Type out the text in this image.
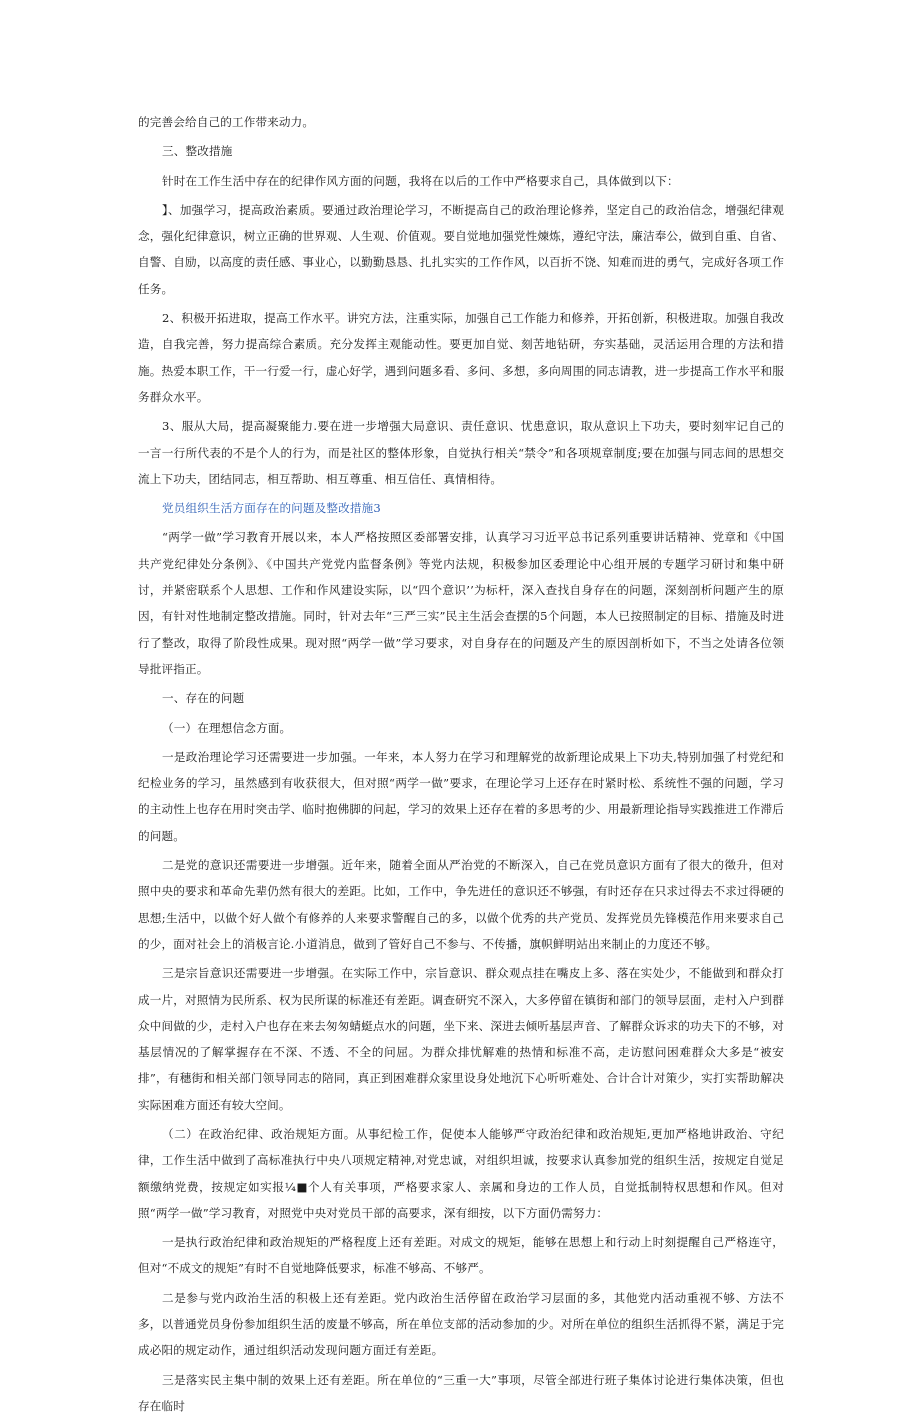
的完善会给自己的工作带来动力。

三、整改措施

针时在工作生活中存在的纪律作风方面的问题，我将在以后的工作中严格要求自己，具体做到以下：

】、加强学习，提高政治素质。要通过政治理论学习，不断提高自己的政治理论修养，坚定自己的政治信念，增强纪律观念，强化纪律意识，树立正确的世界观、人生观、价值观。要自觉地加强党性煉炼，遵纪守法，廉洁奉公，做到自重、自省、自警、自励，以高度的责任感、事业心，以勤勤恳恳、扎扎实实的工作作风，以百折不饶、知难而进的勇气，完成好各项工作任务。

2、积极开拓进取，提高工作水平。讲究方法，注重实际，加强自己工作能力和修养，开拓创新，积极进取。加强自我改造，自我完善，努力提高综合素质。充分发挥主观能动性。要更加自觉、刻苦地钻研，夯实基础，灵活运用合理的方法和措施。热爱本职工作，干一行爱一行，虚心好学，遇到问题多看、多问、多想，多向周围的同志请教，进一步提高工作水平和服务群众水平。

3、服从大局，提高凝聚能力.要在进一步增强大局意识、责任意识、忧患意识，取从意识上下功夫，要时刻牢记自己的一言一行所代表的不是个人的行为，而是社区的整体形象，自觉执行相关“禁令”和各项规章制度;要在加强与同志间的思想交流上下功夫，团结同志，相互帮助、相互尊重、相互信任、真情相待。

党员组织生活方面存在的问题及整改措施3

“两学一做”学习教育开展以来，本人严格按照区委部署安排，认真学习习近平总书记系列重要讲话精神、党章和《中国共产党纪律处分条例》、《中国共产党党内监督条例》等党内法规，积极参加区委理论中心组开展的专题学习研讨和集中研讨，并紧密联系个人思想、工作和作风建设实际，以“四个意识’’为标杆，深入查找自身存在的问题，深刻剖析问题产生的原因，有针对性地制定整改措施。同时，针对去年“三严三实”民主生活会查摆的5个问题，本人已按照制定的目标、措施及时进行了整改，取得了阶段性成果。现对照“两学一做”学习要求，对自身存在的问题及产生的原因剖析如下，不当之处请各位领导批评指正。

一、存在的问题

（一）在理想信念方面。

一是政治理论学习还需要进一步加强。一年来，本人努力在学习和理解党的故新理论成果上下功夫,特别加强了村党纪和纪检业务的学习，虽然感到有收获很大，但对照“两学一做”要求，在理论学习上还存在时紧时松、系统性不强的问题，学习的主动性上也存在用时突击学、临时抱佛脚的问起，学习的效果上还存在着的多思考的少、用最新理论指导实践推进工作滞后的问题。

二是党的意识还需要进一步增强。近年来，随着全面从严治党的不断深入，自己在党员意识方面有了很大的徵升，但对照中央的要求和革命先辈仍然有很大的差距。比如，工作中，争先进任的意识还不够强，有时还存在只求过得去不求过得硬的思想;生活中，以做个好人做个有修养的人来要求警醒自己的多，以做个优秀的共产党员、发挥党员先锋模范作用来要求自己的少，面对社会上的消极言论.小道消息，做到了管好自己不参与、不传播，旗帜鲜明站出来制止的力度还不够。

三是宗旨意识还需要进一步增强。在实际工作中，宗旨意识、群众观点挂在嘴皮上多、落在实处少，不能做到和群众打成一片，对照情为民所系、权为民所谋的标准还有差距。调查研究不深入，大多停留在镇街和部门的领导层面，走村入户到群众中间做的少，走村入户也存在来去匆匆蜻蜓点水的问题，坐下来、深进去倾听基层声音、了解群众诉求的功夫下的不够，对基层情况的了解掌握存在不深、不透、不全的问屈。为群众排忧解难的热情和标准不高，走访慰问困难群众大多是“被安排”，有穗街和相关部门领导同志的陪同，真正到困难群众家里设身处地沉下心听听难处、合计合计对策少，实打实帮助解决实际困难方面还有较大空间。

（二）在政治纪律、政治规矩方面。从事纪检工作，促使本人能够严守政治纪律和政治规矩,更加严格地讲政治、守纪律，工作生活中做到了高标准执行中央八项规定精神,对党忠诚，对组织坦诚，按要求认真参加党的组织生活，按规定自觉足额缴纳党费，按规定如实报¼■个人有关事项，严格要求家人、亲属和身边的工作人员，自觉抵制特权思想和作风。但对照“两学一做”学习教育，对照党中央对党员干部的高要求，深有细按，以下方面仍需努力：

一是执行政治纪律和政治规矩的严格程度上还有差距。对成文的规矩，能够在思想上和行动上时刻提醒自己严格连守，但对“不成文的规矩”有时不自觉地降低要求，标准不够高、不够严。

二是参与党内政治生活的积极上还有差距。党内政治生活停留在政治学习层面的多，其他党内活动重视不够、方法不多，以普通党员身份参加组织生活的废量不够高，所在单位支部的活动参加的少。对所在单位的组织生活抓得不紧，满足于完成必阳的规定动作，通过组织活动发现问题方面迁有差距。

三是落实民主集中制的效果上还有差距。所在单位的“三重一大”事项，尽管全部进行班子集体讨论进行集体决策，但也存在临时
